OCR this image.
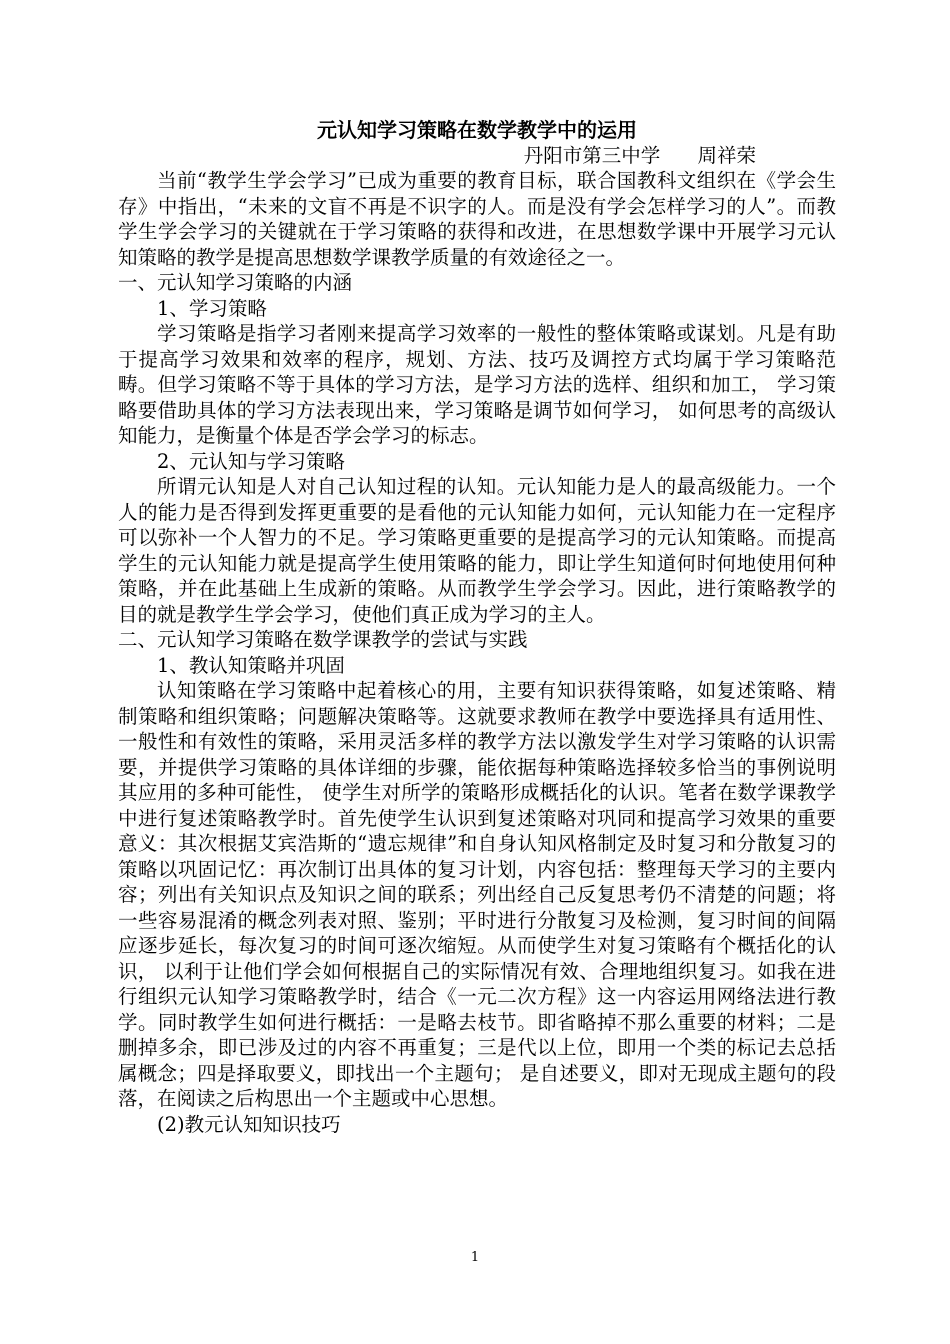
元认知学习策略在数学教学中的运用

丹阳市第三中学      周祥荣

当前“教学生学会学习”已成为重要的教育目标，联合国教科文组织在《学会生存》中指出，“未来的文盲不再是不识字的人。而是没有学会怎样学习的人”。而教学生学会学习的关键就在于学习策略的获得和改进，在思想数学课中开展学习元认知策略的教学是提高思想数学课教学质量的有效途径之一。

一、元认知学习策略的内涵

1、学习策略

学习策略是指学习者刚来提高学习效率的一般性的整体策略或谋划。凡是有助于提高学习效果和效率的程序，规划、方法、技巧及调控方式均属于学习策略范畴。但学习策略不等于具体的学习方法，是学习方法的选样、组织和加工， 学习策略要借助具体的学习方法表现出来，学习策略是调节如何学习， 如何思考的高级认知能力，是衡量个体是否学会学习的标志。

2、元认知与学习策略

所谓元认知是人对自己认知过程的认知。元认知能力是人的最高级能力。一个人的能力是否得到发挥更重要的是看他的元认知能力如何，元认知能力在一定程序可以弥补一个人智力的不足。学习策略更重要的是提高学习的元认知策略。而提高学生的元认知能力就是提高学生使用策略的能力，即让学生知道何时何地使用何种策略，并在此基础上生成新的策略。从而教学生学会学习。因此，进行策略教学的目的就是教学生学会学习，使他们真正成为学习的主人。

二、元认知学习策略在数学课教学的尝试与实践

1、教认知策略并巩固

认知策略在学习策略中起着核心的用，主要有知识获得策略，如复述策略、精制策略和组织策略；问题解决策略等。这就要求教师在教学中要选择具有适用性、一般性和有效性的策略，采用灵活多样的教学方法以激发学生对学习策略的认识需要，并提供学习策略的具体详细的步骤，能依据每种策略选择较多恰当的事例说明其应用的多种可能性， 使学生对所学的策略形成概括化的认识。笔者在数学课教学中进行复述策略教学时。首先使学生认识到复述策略对巩同和提高学习效果的重要意义：其次根据艾宾浩斯的“遗忘规律”和自身认知风格制定及时复习和分散复习的策略以巩固记忆：再次制订出具体的复习计划，内容包括：整理每天学习的主要内容；列出有关知识点及知识之间的联系；列出经自己反复思考仍不清楚的问题；将一些容易混淆的概念列表对照、鉴别；平时进行分散复习及检测，复习时间的间隔应逐步延长，每次复习的时间可逐次缩短。从而使学生对复习策略有个概括化的认识， 以利于让他们学会如何根据自己的实际情况有效、合理地组织复习。如我在进行组织元认知学习策略教学时，结合《一元二次方程》这一内容运用网络法进行教学。同时教学生如何进行概括：一是略去枝节。即省略掉不那么重要的材料；二是删掉多余，即已涉及过的内容不再重复；三是代以上位，即用一个类的标记去总括属概念；四是择取要义，即找出一个主题句； 是自述要义，即对无现成主题句的段落，在阅读之后构思出一个主题或中心思想。

(2)教元认知知识技巧

1
